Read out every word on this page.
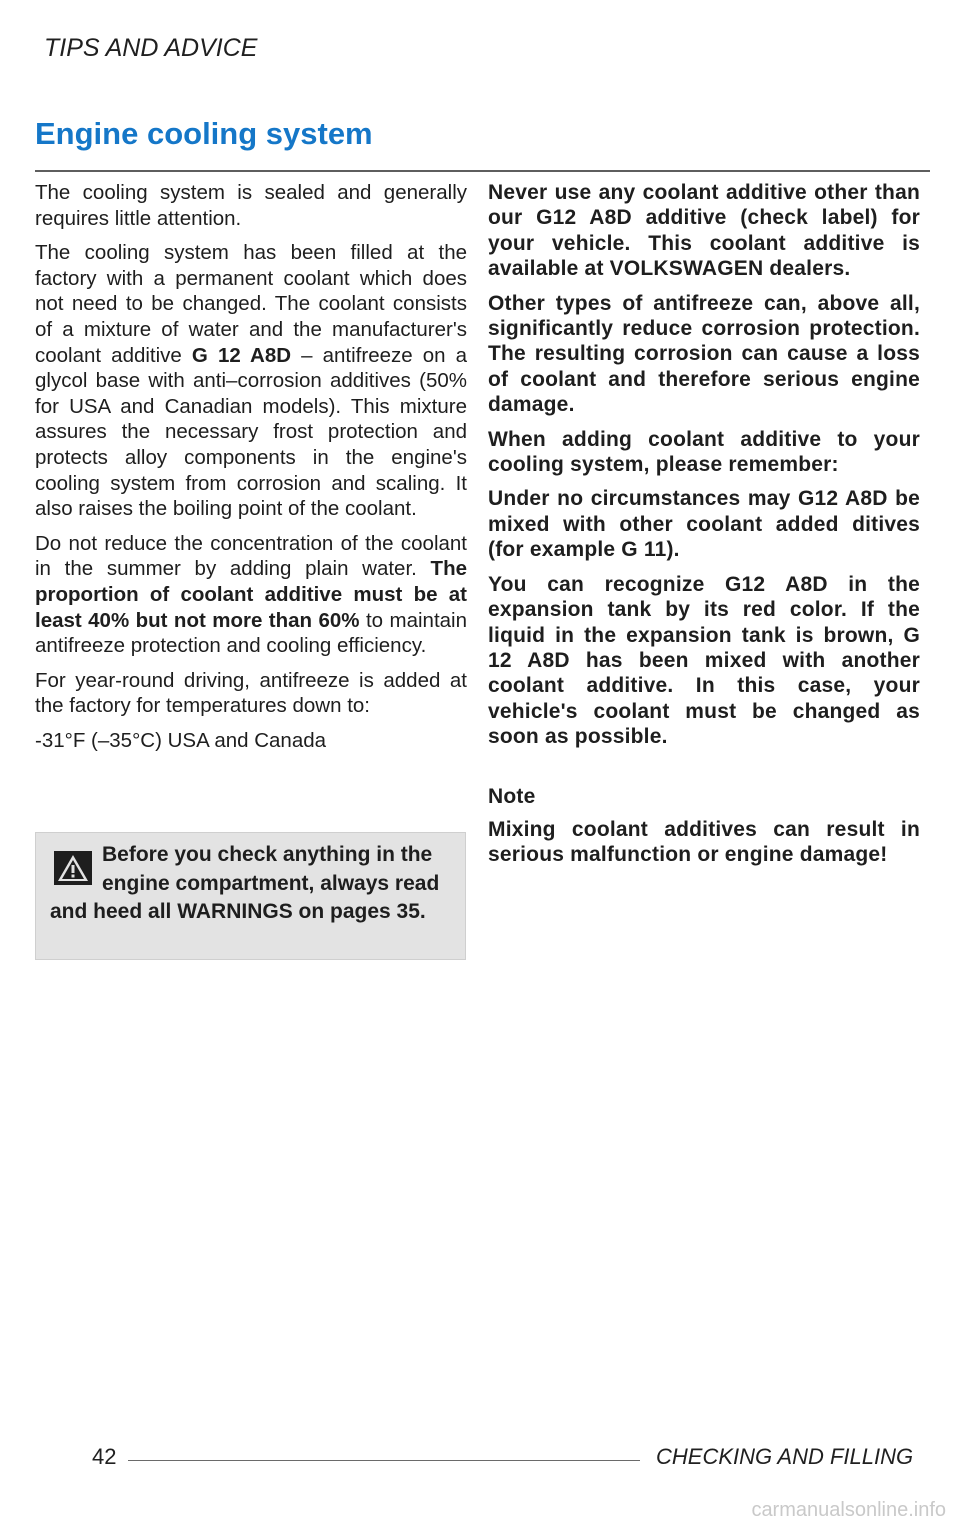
TIPS AND ADVICE
Engine cooling system

The cooling system is sealed and generally requires little attention.

The cooling system has been filled at the factory with a permanent coolant which does not need to be changed. The coolant consists of a mixture of water and the manufacturer's coolant additive G 12 A8D – antifreeze on a glycol base with anti–corrosion additives (50% for USA and Canadian models). This mixture assures the necessary frost protection and protects alloy components in the engine's cooling system from corrosion and scaling. It also raises the boiling point of the coolant.

Do not reduce the concentration of the coolant in the summer by adding plain water. The proportion of coolant additive must be at least 40% but not more than 60% to maintain antifreeze protection and cooling efficiency.

For year-round driving, antifreeze is added at the factory for temperatures down to:

-31°F (–35°C) USA and Canada

Before you check anything in the engine compartment, always read and heed all WARNINGS on pages 35.

Never use any coolant additive other than our G12 A8D additive (check label) for your vehicle. This coolant additive is available at VOLKSWAGEN dealers.

Other types of antifreeze can, above all, significantly reduce corrosion protection. The resulting corrosion can cause a loss of coolant and therefore serious engine damage.

When adding coolant additive to your cooling system, please remember:

Under no circumstances may G12 A8D be mixed with other coolant added ditives (for example G 11).

You can recognize G12 A8D in the expansion tank by its red color. If the liquid in the expansion tank is brown, G 12 A8D has been mixed with another coolant additive. In this case, your vehicle's coolant must be changed as soon as possible.

Note

Mixing coolant additives can result in serious malfunction or engine damage!

42	CHECKING AND FILLING
carmanualsonline.info
